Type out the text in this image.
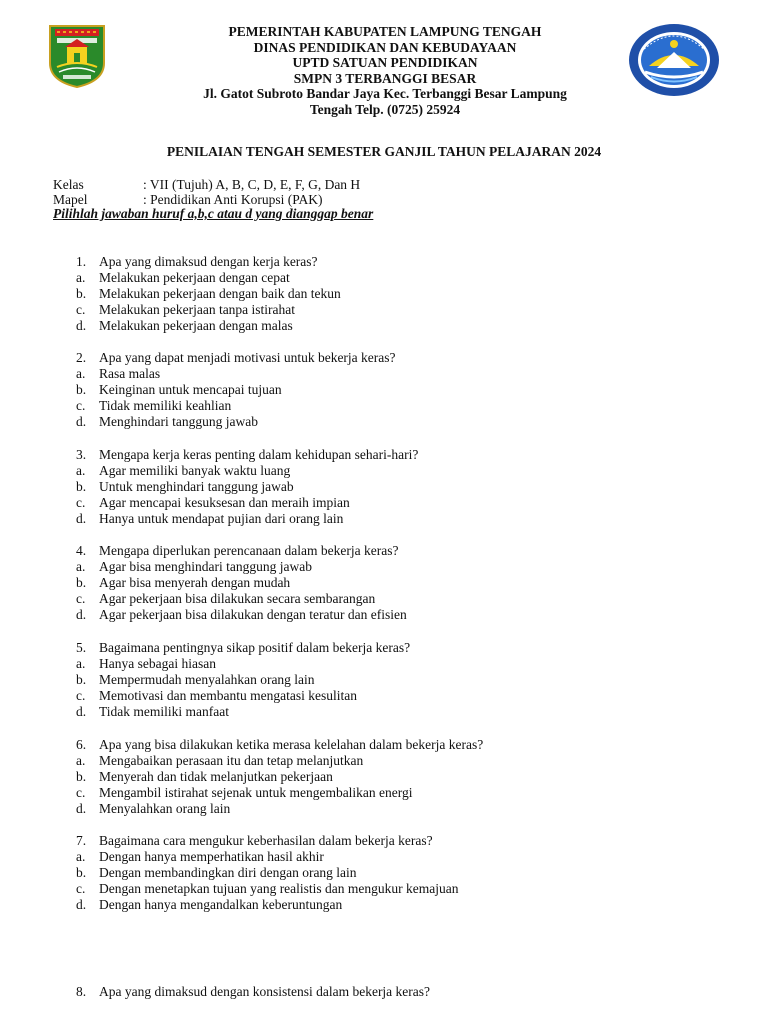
PEMERINTAH KABUPATEN LAMPUNG TENGAH
DINAS PENDIDIKAN DAN KEBUDAYAAN
UPTD SATUAN PENDIDIKAN
SMPN 3 TERBANGGI BESAR
Jl. Gatot Subroto Bandar Jaya Kec. Terbanggi Besar Lampung
Tengah Telp. (0725) 25924
PENILAIAN TENGAH SEMESTER GANJIL TAHUN PELAJARAN 2024
Kelas	: VII (Tujuh) A, B, C, D, E, F, G, Dan H
Mapel	: Pendidikan Anti Korupsi (PAK)
Pilihlah jawaban huruf a,b,c atau d yang dianggap benar
1. Apa yang dimaksud dengan kerja keras?
a.	Melakukan pekerjaan dengan cepat
b. Melakukan pekerjaan dengan baik dan tekun
c.	Melakukan pekerjaan tanpa istirahat
d. Melakukan pekerjaan dengan malas
2. Apa yang dapat menjadi motivasi untuk bekerja keras?
a.	Rasa malas
b. Keinginan untuk mencapai tujuan
c.	Tidak memiliki keahlian
d. Menghindari tanggung jawab
3. Mengapa kerja keras penting dalam kehidupan sehari-hari?
a.	Agar memiliki banyak waktu luang
b. Untuk menghindari tanggung jawab
c.	Agar mencapai kesuksesan dan meraih impian
d. Hanya untuk mendapat pujian dari orang lain
4. Mengapa diperlukan perencanaan dalam bekerja keras?
a.	Agar bisa menghindari tanggung jawab
b. Agar bisa menyerah dengan mudah
c.	Agar pekerjaan bisa dilakukan secara sembarangan
d. Agar pekerjaan bisa dilakukan dengan teratur dan efisien
5. Bagaimana pentingnya sikap positif dalam bekerja keras?
a.	Hanya sebagai hiasan
b. Mempermudah menyalahkan orang lain
c.	Memotivasi dan membantu mengatasi kesulitan
d. Tidak memiliki manfaat
6. Apa yang bisa dilakukan ketika merasa kelelahan dalam bekerja keras?
a.	Mengabaikan perasaan itu dan tetap melanjutkan
b. Menyerah dan tidak melanjutkan pekerjaan
c.	Mengambil istirahat sejenak untuk mengembalikan energi
d. Menyalahkan orang lain
7. Bagaimana cara mengukur keberhasilan dalam bekerja keras?
a.	Dengan hanya memperhatikan hasil akhir
b. Dengan membandingkan diri dengan orang lain
c.	Dengan menetapkan tujuan yang realistis dan mengukur kemajuan
d. Dengan hanya mengandalkan keberuntungan
8. Apa yang dimaksud dengan konsistensi dalam bekerja keras?
